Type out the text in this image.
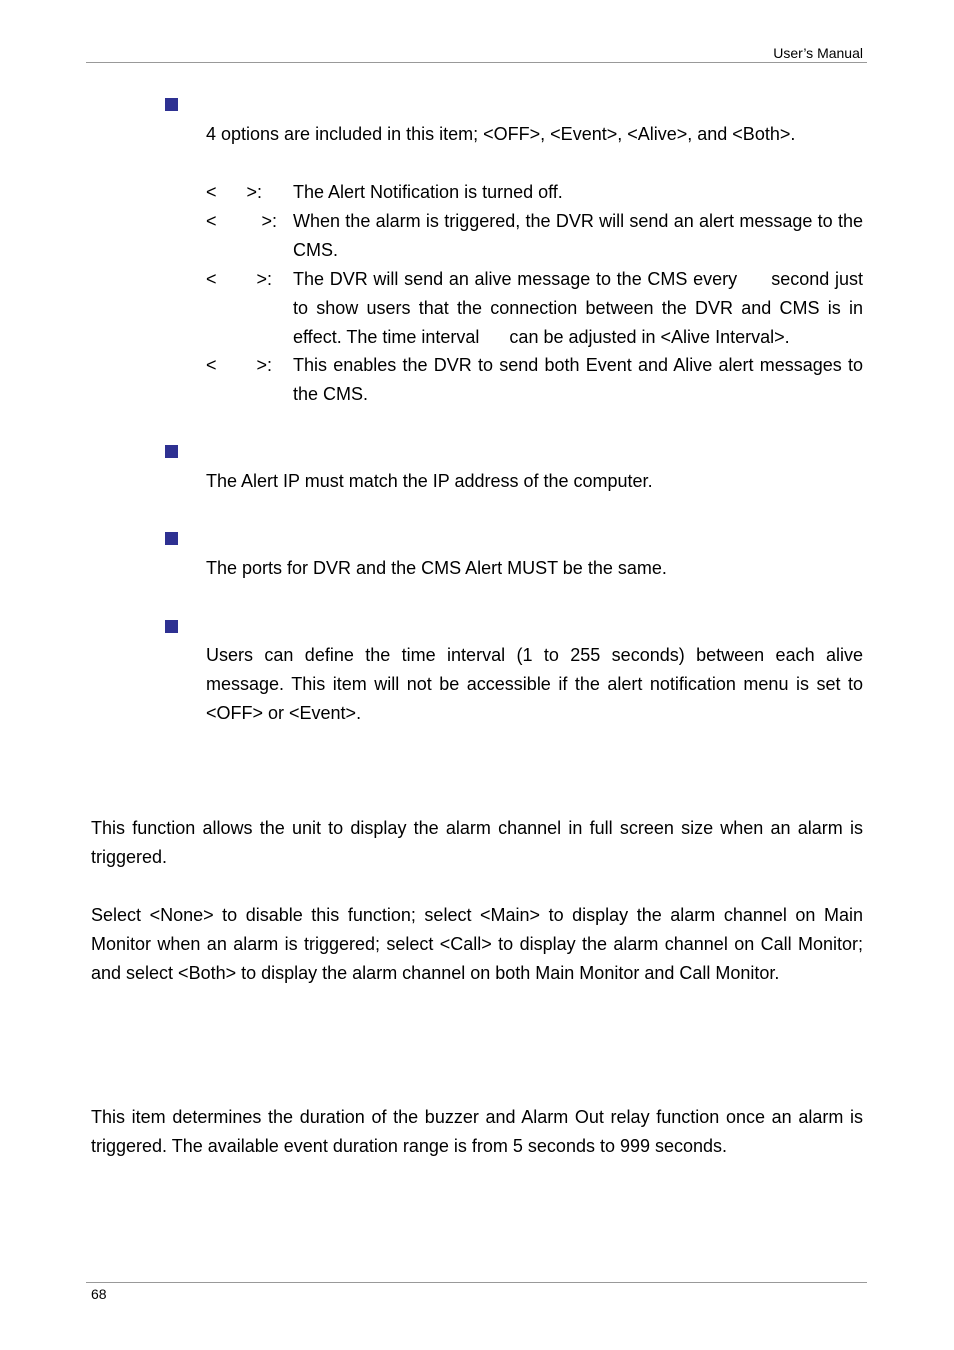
User’s Manual
4 options are included in this item; <OFF>, <Event>, <Alive>, and <Both>.
<      >: The Alert Notification is turned off.
<         >: When the alarm is triggered, the DVR will send an alert message to the CMS.
<        >: The DVR will send an alive message to the CMS every      second just to show users that the connection between the DVR and CMS is in effect. The time interval      can be adjusted in <Alive Interval>.
<        >: This enables the DVR to send both Event and Alive alert messages to the CMS.
The Alert IP must match the IP address of the computer.
The ports for DVR and the CMS Alert MUST be the same.
Users can define the time interval (1 to 255 seconds) between each alive message. This item will not be accessible if the alert notification menu is set to <OFF> or <Event>.
This function allows the unit to display the alarm channel in full screen size when an alarm is triggered.
Select <None> to disable this function; select <Main> to display the alarm channel on Main Monitor when an alarm is triggered; select <Call> to display the alarm channel on Call Monitor; and select <Both> to display the alarm channel on both Main Monitor and Call Monitor.
This item determines the duration of the buzzer and Alarm Out relay function once an alarm is triggered. The available event duration range is from 5 seconds to 999 seconds.
68
